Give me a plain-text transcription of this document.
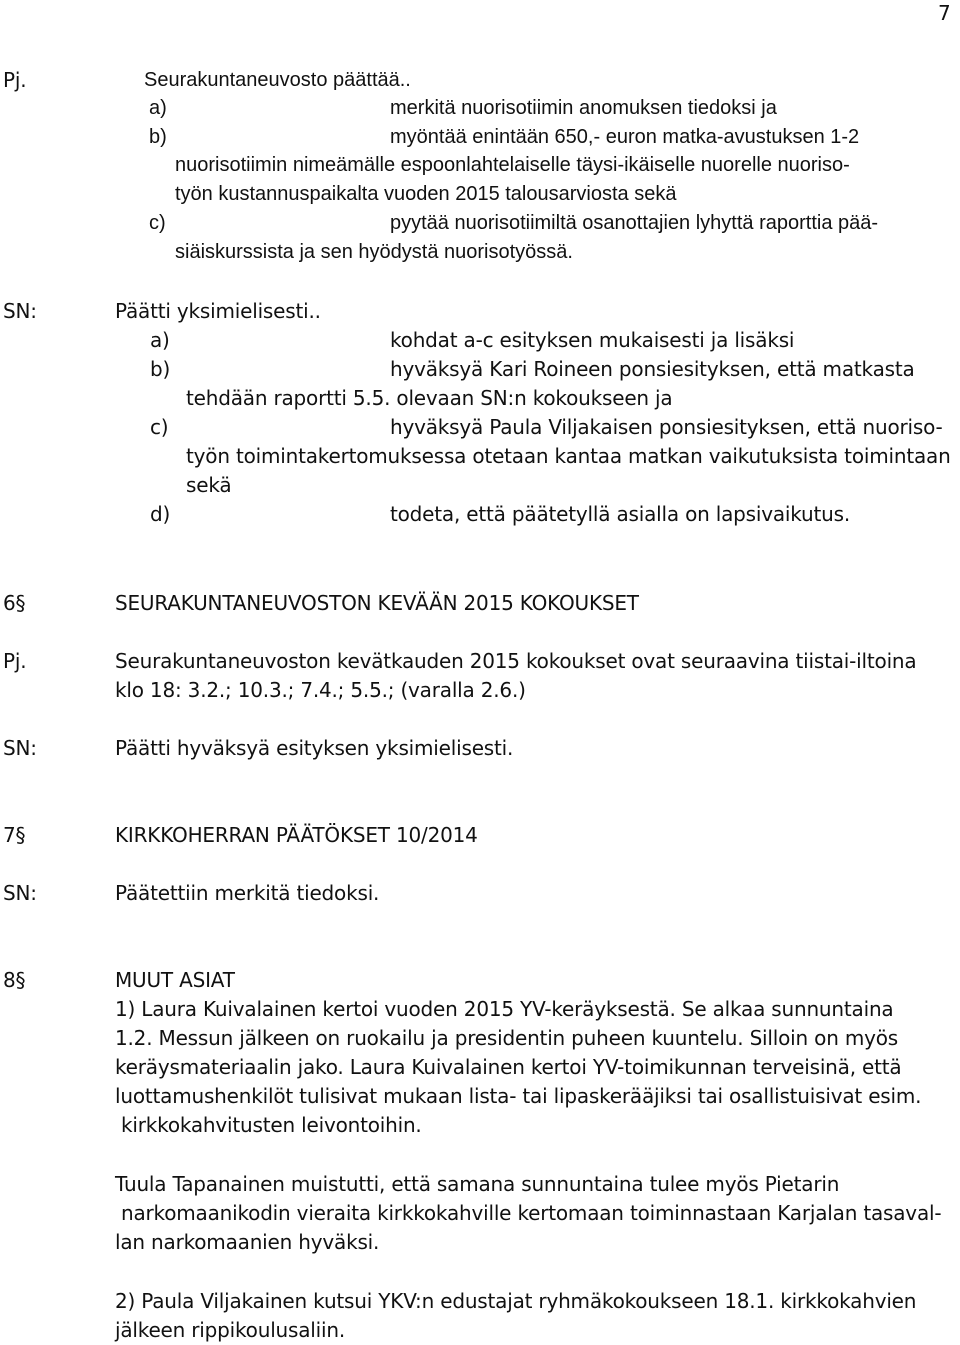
7
Pj.	Seurakuntaneuvosto päättää..
a)	merkitä nuorisotiimin anomuksen tiedoksi ja
b)	myöntää enintään 650,- euron matka-avustuksen 1-2
nuorisotiimin nimeämälle espoonlahtelaiselle täysi-ikäiselle nuorelle nuoriso-
työn kustannuspaikalta vuoden 2015 talousarviosta sekä
c)	pyytää nuorisotiimiltä osanottajien lyhyttä raporttia pää-
siäiskurssista ja sen hyödystä nuorisotyössä.
SN:	Päätti yksimielisesti..
a)	kohdat a-c esityksen mukaisesti ja lisäksi
b)	hyväksyä Kari Roineen ponsiesityksen, että matkasta
tehdään raportti 5.5. olevaan SN:n kokoukseen ja
c)	hyväksyä Paula Viljakaisen ponsiesityksen, että nuoriso-
työn toimintakertomuksessa otetaan kantaa matkan vaikutuksista toimintaan
sekä
d)	todeta, että päätetyllä asialla on lapsivaikutus.
6§	SEURAKUNTANEUVOSTON KEVÄÄN 2015 KOKOUKSET
Pj.	Seurakuntaneuvoston kevätkauden 2015 kokoukset ovat seuraavina tiistai-iltoina
klo 18: 3.2.; 10.3.; 7.4.; 5.5.; (varalla 2.6.)
SN:	Päätti hyväksyä esityksen yksimielisesti.
7§	KIRKKOHERRAN PÄÄTÖKSET 10/2014
SN:	Päätettiin merkitä tiedoksi.
8§	MUUT ASIAT
1) Laura Kuivalainen kertoi vuoden 2015 YV-keräyksestä. Se alkaa sunnuntaina
1.2. Messun jälkeen on ruokailu ja presidentin puheen kuuntelu. Silloin on myös
keräysmateriaalin jako. Laura Kuivalainen kertoi YV-toimikunnan terveisinä, että
luottamushenkilöt tulisivat mukaan lista- tai lipaskerääjiksi tai osallistuisivat esim.
kirkkokahvitusten leivontoihin.
Tuula Tapanainen muistutti, että samana sunnuntaina tulee myös Pietarin
narkomaanikodin vieraita kirkkokahville kertomaan toiminnastaan Karjalan tasaval-
lan narkomaanien hyväksi.
2) Paula Viljakainen kutsui YKV:n edustajat ryhmäkokoukseen 18.1. kirkkokahvien
jälkeen rippikoulusaliin.
